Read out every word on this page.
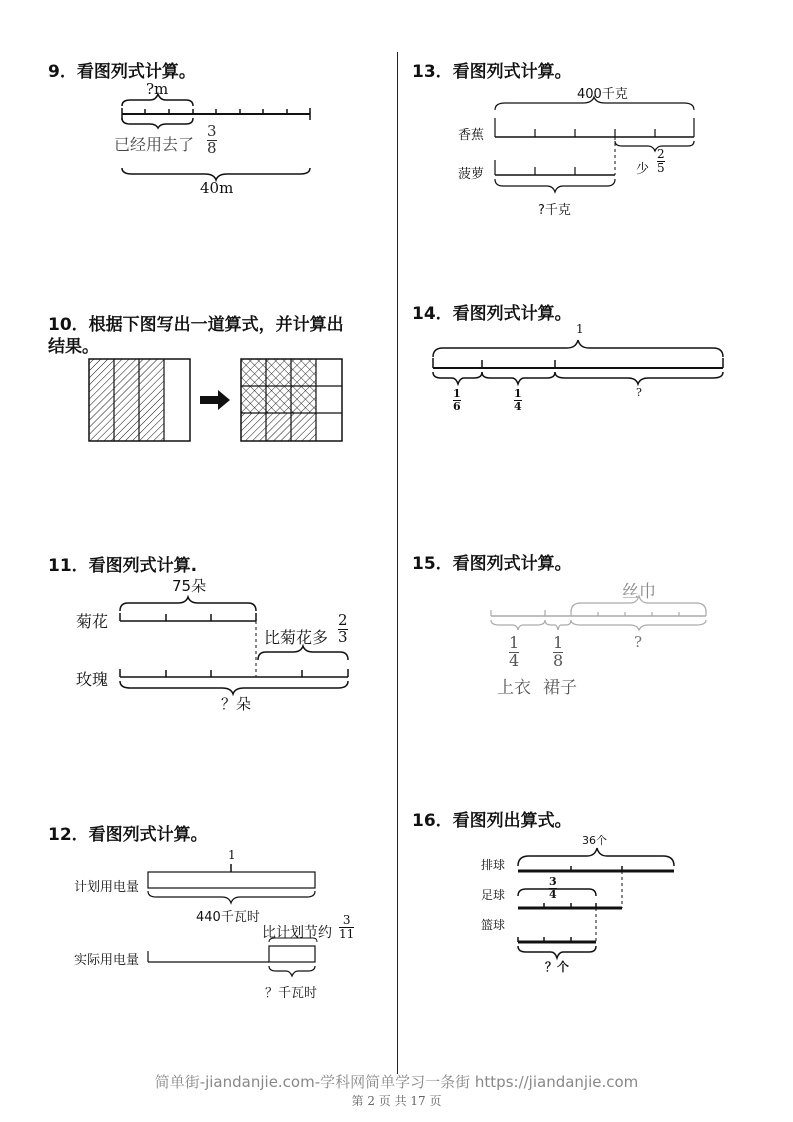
9．看图列式计算。
?m
已经用去了
3
8
40m
10．根据下图写出一道算式，并计算出
结果。
11．看图列式计算.
75朵
菊花
玫瑰
比菊花多
2
3
？朵
12．看图列式计算。
1
计划用电量
440千瓦时
比计划节约
3
11
实际用电量
？千瓦时
13．看图列式计算。
400千克
香蕉
菠萝	少
2
5
?千克
14．看图列式计算。
1
1
6
1
4
?
15．看图列式计算。
丝巾
1
4
1
8
?
上衣 裙子
16．看图列出算式。
36个
排球
足球
篮球
3
4
？个
简单街-jiandanjie.com-学科网简单学习一条街 https://jiandanjie.com
第 2 页 共 17 页
